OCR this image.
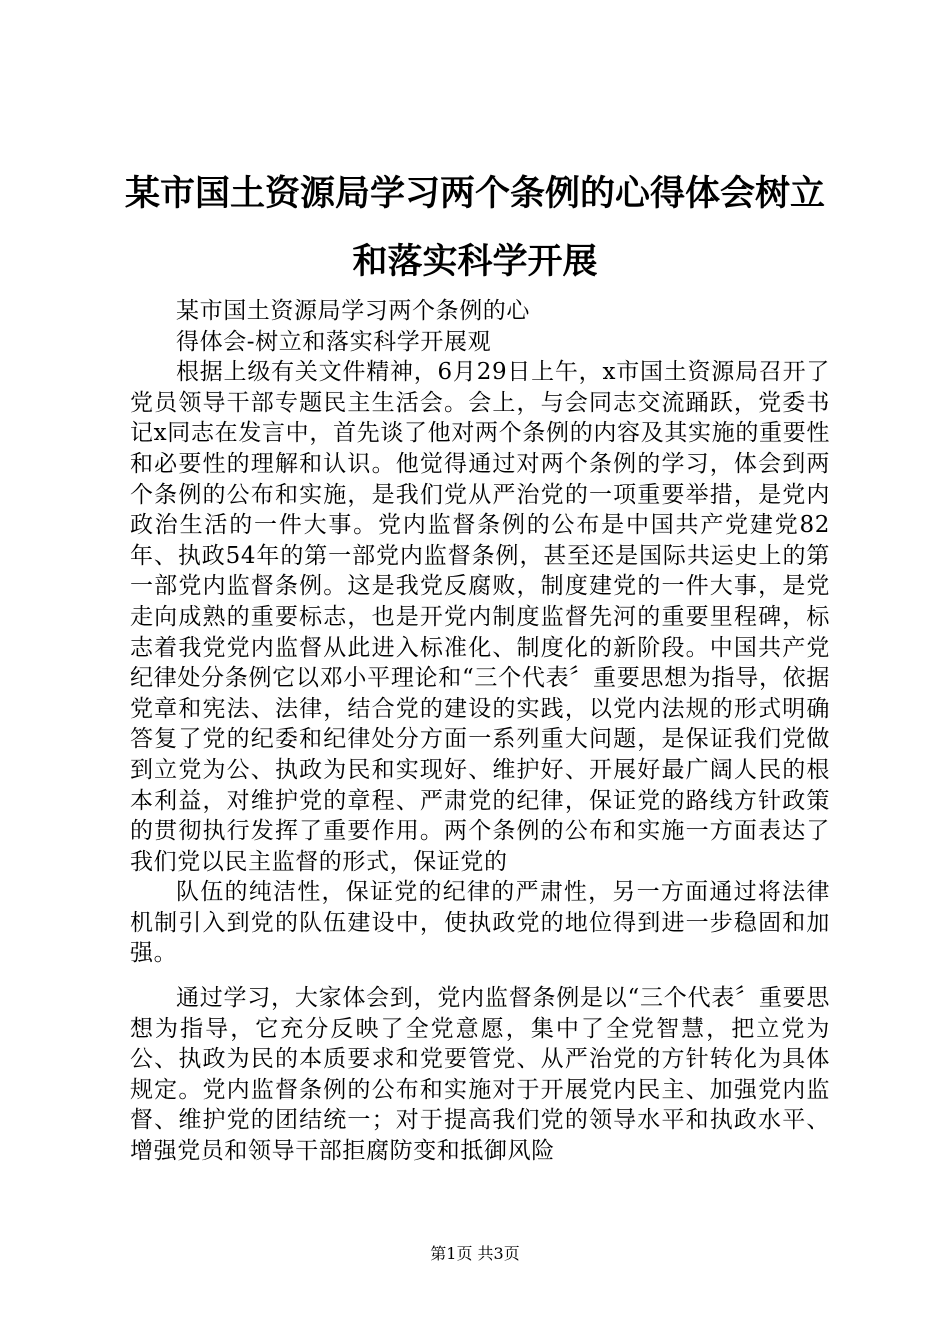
某市国土资源局学习两个条例的心得体会树立和落实科学开展

某市国土资源局学习两个条例的心

得体会-树立和落实科学开展观

根据上级有关文件精神，6月29日上午，x市国土资源局召开了党员领导干部专题民主生活会。会上，与会同志交流踊跃，党委书记x同志在发言中，首先谈了他对两个条例的内容及其实施的重要性和必要性的理解和认识。他觉得通过对两个条例的学习，体会到两个条例的公布和实施，是我们党从严治党的一项重要举措，是党内政治生活的一件大事。党内监督条例的公布是中国共产党建党82年、执政54年的第一部党内监督条例，甚至还是国际共运史上的第一部党内监督条例。这是我党反腐败，制度建党的一件大事，是党走向成熟的重要标志，也是开党内制度监督先河的重要里程碑，标志着我党党内监督从此进入标准化、制度化的新阶段。中国共产党纪律处分条例它以邓小平理论和“三个代表〞重要思想为指导，依据党章和宪法、法律，结合党的建设的实践，以党内法规的形式明确答复了党的纪委和纪律处分方面一系列重大问题，是保证我们党做到立党为公、执政为民和实现好、维护好、开展好最广阔人民的根本利益，对维护党的章程、严肃党的纪律，保证党的路线方针政策的贯彻执行发挥了重要作用。两个条例的公布和实施一方面表达了我们党以民主监督的形式，保证党的

队伍的纯洁性，保证党的纪律的严肃性，另一方面通过将法律机制引入到党的队伍建设中，使执政党的地位得到进一步稳固和加强。

通过学习，大家体会到，党内监督条例是以“三个代表〞重要思想为指导，它充分反映了全党意愿，集中了全党智慧，把立党为公、执政为民的本质要求和党要管党、从严治党的方针转化为具体规定。党内监督条例的公布和实施对于开展党内民主、加强党内监督、维护党的团结统一；对于提高我们党的领导水平和执政水平、增强党员和领导干部拒腐防变和抵御风险

第1页 共3页
